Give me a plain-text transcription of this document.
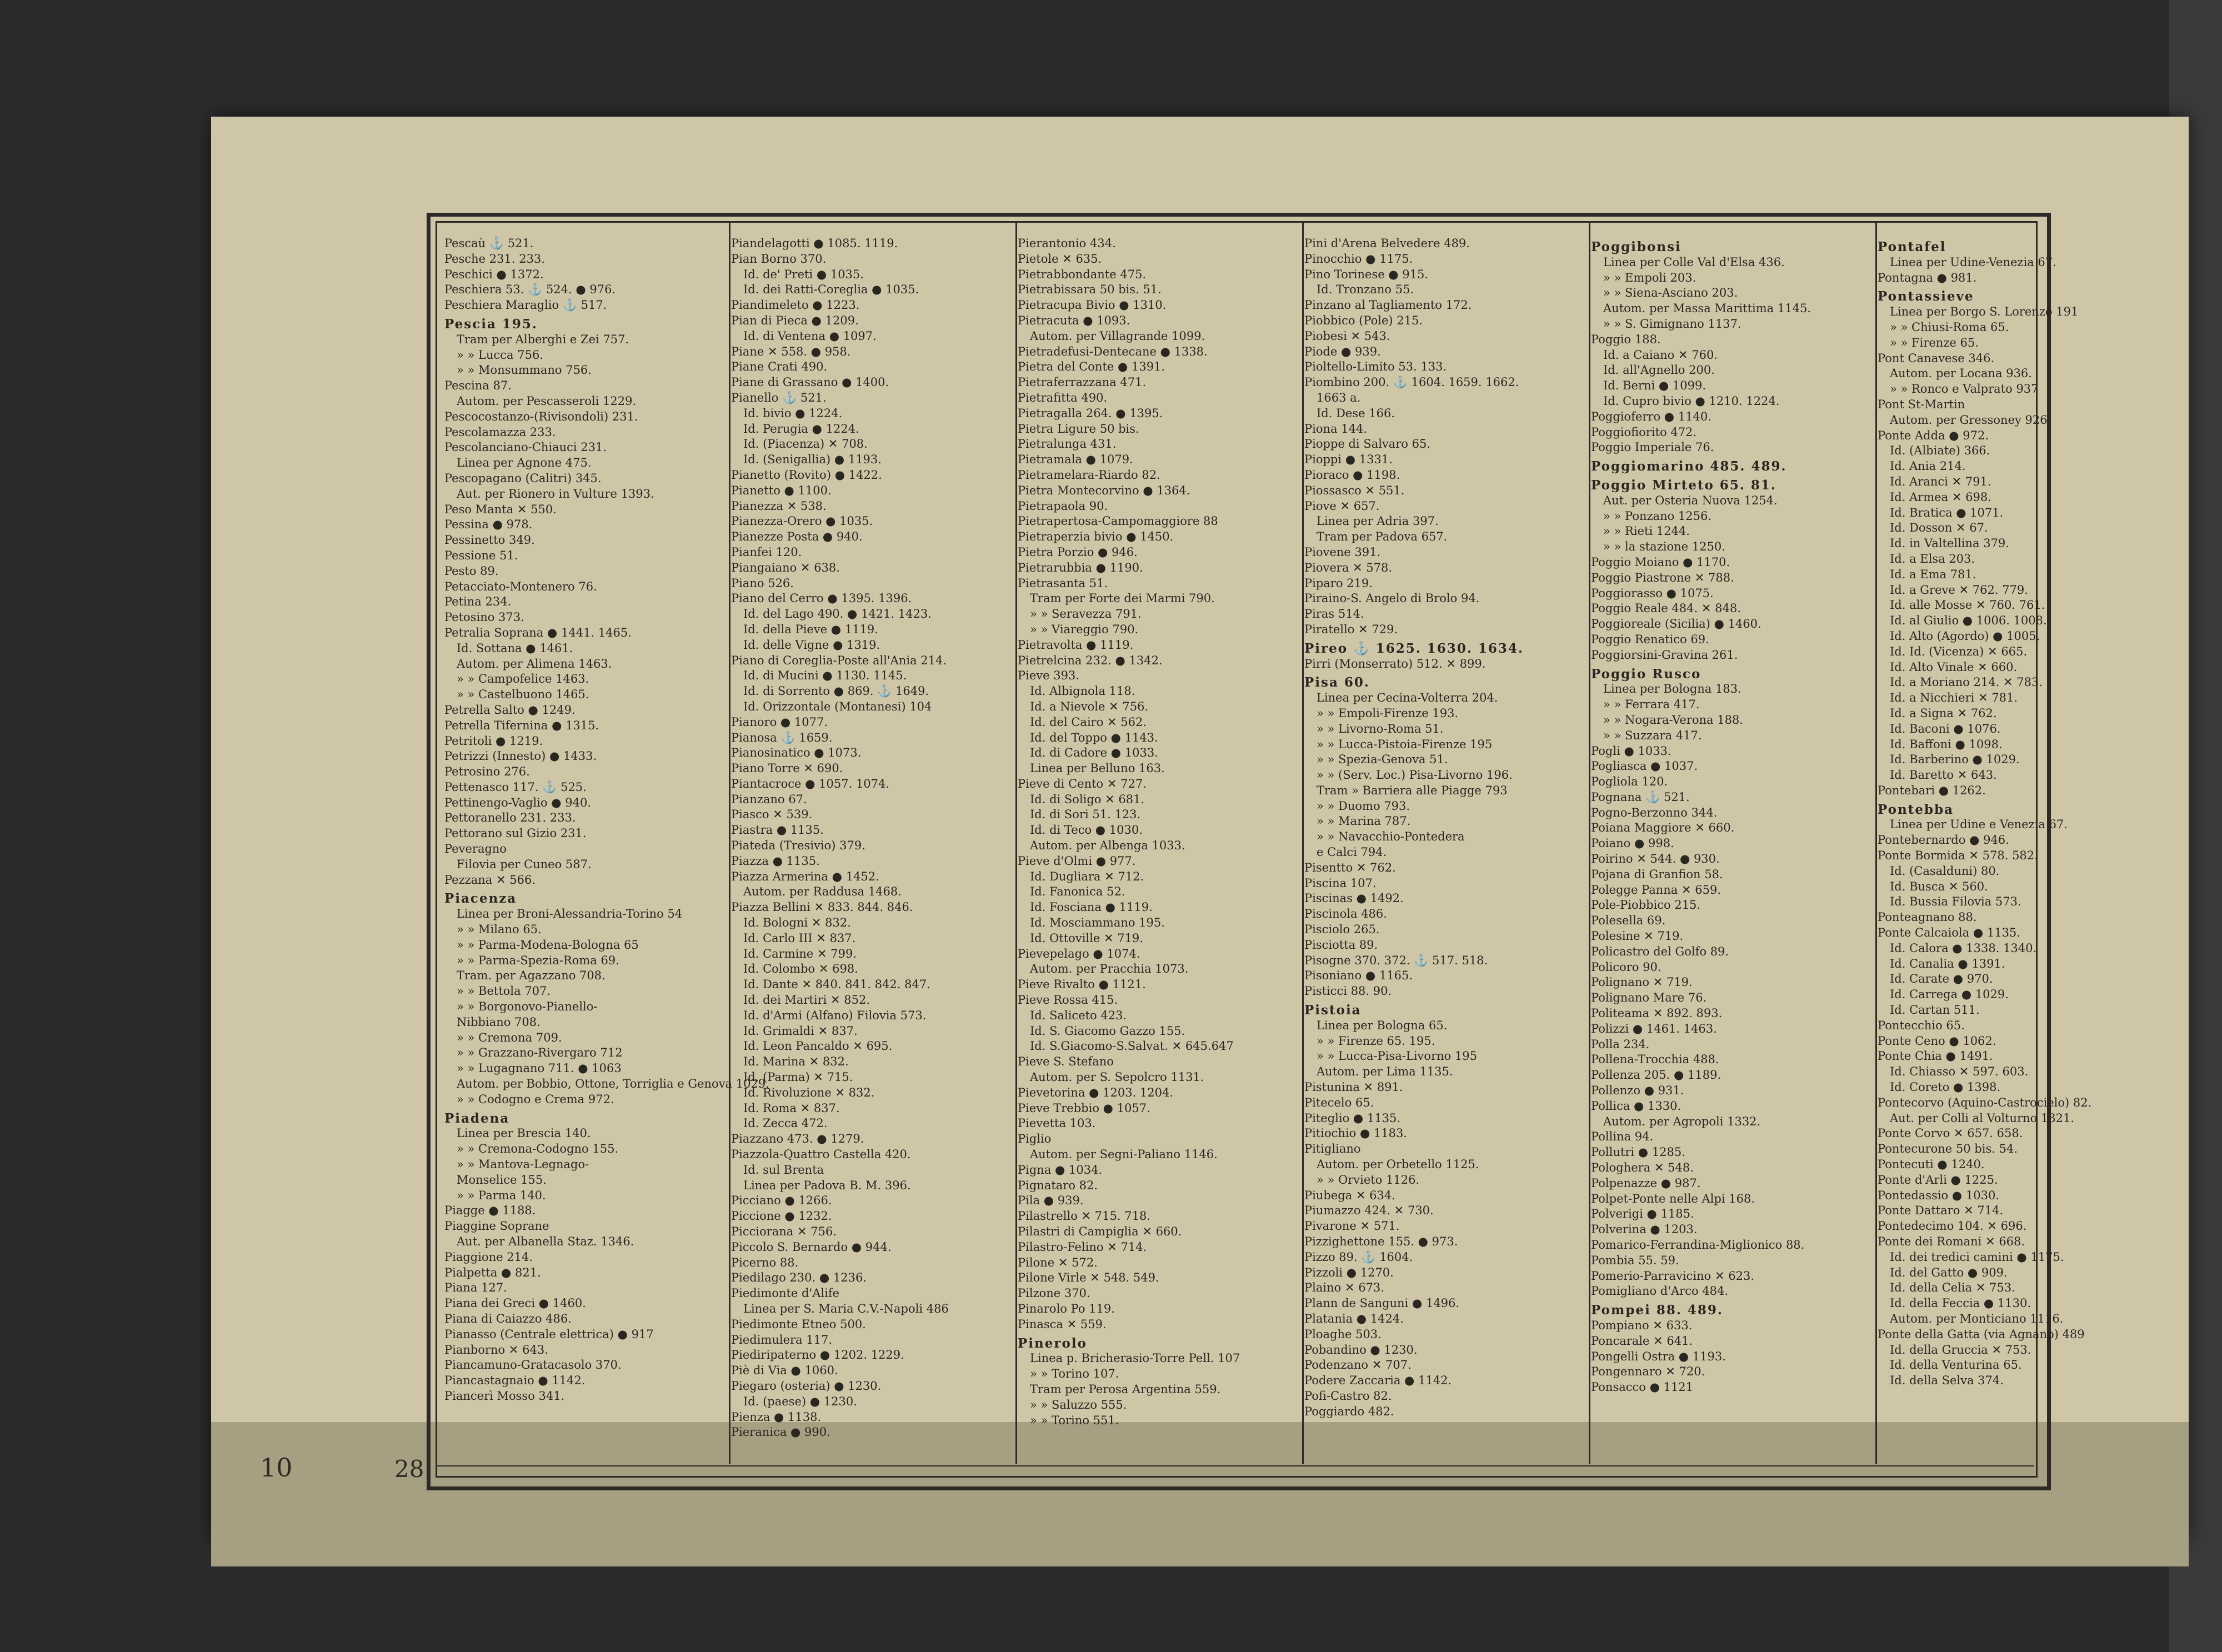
Pescaù ⚓ 521.
Pesche 231. 233.
Peschici ● 1372.
Peschiera 53. ⚓ 524. ● 976.
Peschiera Maraglio ⚓ 517.
Pescia 195.
Tram per Alberghi e Zei 757.
» » Lucca 756.
» » Monsummano 756.
Pescina 87.
Autom. per Pescasseroli 1229.
Pescocostanzo-(Rivisondoli) 231.
Pescolamazza 233.
Pescolanciano-Chiauci 231.
Linea per Agnone 475.
Pescopagano (Calitri) 345.
Aut. per Rionero in Vulture 1393.
Peso Manta ✕ 550.
Pessina ● 978.
Pessinetto 349.
Pessione 51.
Pesto 89.
Petacciato-Montenero 76.
Petina 234.
Petosino 373.
Petralia Soprana ● 1441. 1465.
Id. Sottana ● 1461.
Autom. per Alimena 1463.
» » Campofelice 1463.
» » Castelbuono 1465.
Petrella Salto ● 1249.
Petrella Tifernina ● 1315.
Petritoli ● 1219.
Petrizzi (Innesto) ● 1433.
Petrosino 276.
Pettenasco 117. ⚓ 525.
Pettinengo-Vaglio ● 940.
Pettoranello 231. 233.
Pettorano sul Gizio 231.
Peveragno
Filovia per Cuneo 587.
Pezzana ✕ 566.
Piacenza
Linea per Broni-Alessandria-Torino 54
» » Milano 65.
» » Parma-Modena-Bologna 65
» » Parma-Spezia-Roma 69.
Tram. per Agazzano 708.
» » Bettola 707.
» » Borgonovo-Pianello-
Nibbiano 708.
» » Cremona 709.
» » Grazzano-Rivergaro 712
» » Lugagnano 711. ● 1063
Autom. per Bobbio, Ottone, Torriglia e Genova 1029.
» » Codogno e Crema 972.
Piadena
Linea per Brescia 140.
» » Cremona-Codogno 155.
» » Mantova-Legnago-
Monselice 155.
» » Parma 140.
Piagge ● 1188.
Piaggine Soprane
Aut. per Albanella Staz. 1346.
Piaggione 214.
Pialpetta ● 821.
Piana 127.
Piana dei Greci ● 1460.
Piana di Caiazzo 486.
Pianasso (Centrale elettrica) ● 917
Pianborno ✕ 643.
Piancamuno-Gratacasolo 370.
Piancastagnaio ● 1142.
Piancerì Mosso 341.
Piandelagotti ● 1085. 1119.
Pian Borno 370.
Id. de' Preti ● 1035.
Id. dei Ratti-Coreglia ● 1035.
Piandimeleto ● 1223.
Pian di Pieca ● 1209.
Id. di Ventena ● 1097.
Piane ✕ 558. ● 958.
Piane Crati 490.
Piane di Grassano ● 1400.
Pianello ⚓ 521.
Id. bivio ● 1224.
Id. Perugia ● 1224.
Id. (Piacenza) ✕ 708.
Id. (Senigallia) ● 1193.
Pianetto (Rovito) ● 1422.
Pianetto ● 1100.
Pianezza ✕ 538.
Pianezza-Orero ● 1035.
Pianezze Posta ● 940.
Pianfei 120.
Piangaiano ✕ 638.
Piano 526.
Piano del Cerro ● 1395. 1396.
Id. del Lago 490. ● 1421. 1423.
Id. della Pieve ● 1119.
Id. delle Vigne ● 1319.
Piano di Coreglia-Poste all'Ania 214.
Id. di Mucini ● 1130. 1145.
Id. di Sorrento ● 869. ⚓ 1649.
Id. Orizzontale (Montanesi) 104
Pianoro ● 1077.
Pianosa ⚓ 1659.
Pianosinatico ● 1073.
Piano Torre ✕ 690.
Piantacroce ● 1057. 1074.
Pianzano 67.
Piasco ✕ 539.
Piastra ● 1135.
Piateda (Tresivio) 379.
Piazza ● 1135.
Piazza Armerina ● 1452.
Autom. per Raddusa 1468.
Piazza Bellini ✕ 833. 844. 846.
Id. Bologni ✕ 832.
Id. Carlo III ✕ 837.
Id. Carmine ✕ 799.
Id. Colombo ✕ 698.
Id. Dante ✕ 840. 841. 842. 847.
Id. dei Martiri ✕ 852.
Id. d'Armi (Alfano) Filovia 573.
Id. Grimaldi ✕ 837.
Id. Leon Pancaldo ✕ 695.
Id. Marina ✕ 832.
Id. (Parma) ✕ 715.
Id. Rivoluzione ✕ 832.
Id. Roma ✕ 837.
Id. Zecca 472.
Piazzano 473. ● 1279.
Piazzola-Quattro Castella 420.
Id. sul Brenta
Linea per Padova B. M. 396.
Picciano ● 1266.
Piccione ● 1232.
Picciorana ✕ 756.
Piccolo S. Bernardo ● 944.
Picerno 88.
Piedilago 230. ● 1236.
Piedimonte d'Alife
Linea per S. Maria C.V.-Napoli 486
Piedimonte Etneo 500.
Piedimulera 117.
Piediripaterno ● 1202. 1229.
Piè di Via ● 1060.
Piegaro (osteria) ● 1230.
Id. (paese) ● 1230.
Pienza ● 1138.
Pieranica ● 990.
Pierantonio 434.
Pietole ✕ 635.
Pietrabbondante 475.
Pietrabissara 50 bis. 51.
Pietracupa Bivio ● 1310.
Pietracuta ● 1093.
Autom. per Villagrande 1099.
Pietradefusi-Dentecane ● 1338.
Pietra del Conte ● 1391.
Pietraferrazzana 471.
Pietrafitta 490.
Pietragalla 264. ● 1395.
Pietra Ligure 50 bis.
Pietralunga 431.
Pietramala ● 1079.
Pietramelara-Riardo 82.
Pietra Montecorvino ● 1364.
Pietrapaola 90.
Pietrapertosa-Campomaggiore 88
Pietraperzia bivio ● 1450.
Pietra Porzio ● 946.
Pietrarubbia ● 1190.
Pietrasanta 51.
Tram per Forte dei Marmi 790.
» » Seravezza 791.
» » Viareggio 790.
Pietravolta ● 1119.
Pietrelcina 232. ● 1342.
Pieve 393.
Id. Albignola 118.
Id. a Nievole ✕ 756.
Id. del Cairo ✕ 562.
Id. del Toppo ● 1143.
Id. di Cadore ● 1033.
Linea per Belluno 163.
Pieve di Cento ✕ 727.
Id. di Soligo ✕ 681.
Id. di Sori 51. 123.
Id. di Teco ● 1030.
Autom. per Albenga 1033.
Pieve d'Olmi ● 977.
Id. Dugliara ✕ 712.
Id. Fanonica 52.
Id. Fosciana ● 1119.
Id. Mosciammano 195.
Id. Ottoville ✕ 719.
Pievepelago ● 1074.
Autom. per Pracchia 1073.
Pieve Rivalto ● 1121.
Pieve Rossa 415.
Id. Saliceto 423.
Id. S. Giacomo Gazzo 155.
Id. S.Giacomo-S.Salvat. ✕ 645.647
Pieve S. Stefano
Autom. per S. Sepolcro 1131.
Pievetorina ● 1203. 1204.
Pieve Trebbio ● 1057.
Pievetta 103.
Piglio
Autom. per Segni-Paliano 1146.
Pigna ● 1034.
Pignataro 82.
Pila ● 939.
Pilastrello ✕ 715. 718.
Pilastri di Campiglia ✕ 660.
Pilastro-Felino ✕ 714.
Pilone ✕ 572.
Pilone Virle ✕ 548. 549.
Pilzone 370.
Pinarolo Po 119.
Pinasca ✕ 559.
Pinerolo
Linea p. Bricherasio-Torre Pell. 107
» » Torino 107.
Tram per Perosa Argentina 559.
» » Saluzzo 555.
» » Torino 551.
Pini d'Arena Belvedere 489.
Pinocchio ● 1175.
Pino Torinese ● 915.
Id. Tronzano 55.
Pinzano al Tagliamento 172.
Piobbico (Pole) 215.
Piobesi ✕ 543.
Piode ● 939.
Pioltello-Limito 53. 133.
Piombino 200. ⚓ 1604. 1659. 1662.
1663 a.
Id. Dese 166.
Piona 144.
Pioppe di Salvaro 65.
Pioppi ● 1331.
Pioraco ● 1198.
Piossasco ✕ 551.
Piove ✕ 657.
Linea per Adria 397.
Tram per Padova 657.
Piovene 391.
Piovera ✕ 578.
Piparo 219.
Piraino-S. Angelo di Brolo 94.
Piras 514.
Piratello ✕ 729.
Pireo ⚓ 1625. 1630. 1634.
Pirri (Monserrato) 512. ✕ 899.
Pisa 60.
Linea per Cecina-Volterra 204.
» » Empoli-Firenze 193.
» » Livorno-Roma 51.
» » Lucca-Pistoia-Firenze 195
» » Spezia-Genova 51.
» » (Serv. Loc.) Pisa-Livorno 196.
Tram » Barriera alle Piagge 793
» » Duomo 793.
» » Marina 787.
» » Navacchio-Pontedera
e Calci 794.
Pisentto ✕ 762.
Piscina 107.
Piscinas ● 1492.
Piscinola 486.
Pisciolo 265.
Pisciotta 89.
Pisogne 370. 372. ⚓ 517. 518.
Pisoniano ● 1165.
Pisticci 88. 90.
Pistoia
Linea per Bologna 65.
» » Firenze 65. 195.
» » Lucca-Pisa-Livorno 195
Autom. per Lima 1135.
Pistunina ✕ 891.
Pitecelo 65.
Piteglio ● 1135.
Pitiochio ● 1183.
Pitigliano
Autom. per Orbetello 1125.
» » Orvieto 1126.
Piubega ✕ 634.
Piumazzo 424. ✕ 730.
Pivarone ✕ 571.
Pizzighettone 155. ● 973.
Pizzo 89. ⚓ 1604.
Pizzoli ● 1270.
Plaino ✕ 673.
Plann de Sanguni ● 1496.
Platania ● 1424.
Ploaghe 503.
Pobandino ● 1230.
Podenzano ✕ 707.
Podere Zaccaria ● 1142.
Pofi-Castro 82.
Poggiardo 482.
Poggibonsi
Linea per Colle Val d'Elsa 436.
» » Empoli 203.
» » Siena-Asciano 203.
Autom. per Massa Marittima 1145.
» » S. Gimignano 1137.
Poggio 188.
Id. a Caiano ✕ 760.
Id. all'Agnello 200.
Id. Berni ● 1099.
Id. Cupro bivio ● 1210. 1224.
Poggioferro ● 1140.
Poggiofiorito 472.
Poggio Imperiale 76.
Poggiomarino 485. 489.
Poggio Mirteto 65. 81.
Aut. per Osteria Nuova 1254.
» » Ponzano 1256.
» » Rieti 1244.
» » la stazione 1250.
Poggio Moiano ● 1170.
Poggio Piastrone ✕ 788.
Poggiorasso ● 1075.
Poggio Reale 484. ✕ 848.
Poggioreale (Sicilia) ● 1460.
Poggio Renatico 69.
Poggiorsini-Gravina 261.
Poggio Rusco
Linea per Bologna 183.
» » Ferrara 417.
» » Nogara-Verona 188.
» » Suzzara 417.
Pogli ● 1033.
Pogliasca ● 1037.
Pogliola 120.
Pognana ⚓ 521.
Pogno-Berzonno 344.
Poiana Maggiore ✕ 660.
Poiano ● 998.
Poirino ✕ 544. ● 930.
Pojana di Granfion 58.
Polegge Panna ✕ 659.
Pole-Piobbico 215.
Polesella 69.
Polesine ✕ 719.
Policastro del Golfo 89.
Policoro 90.
Polignano ✕ 719.
Polignano Mare 76.
Politeama ✕ 892. 893.
Polizzi ● 1461. 1463.
Polla 234.
Pollena-Trocchia 488.
Pollenza 205. ● 1189.
Pollenzo ● 931.
Pollica ● 1330.
Autom. per Agropoli 1332.
Pollina 94.
Pollutri ● 1285.
Pologhera ✕ 548.
Polpenazze ● 987.
Polpet-Ponte nelle Alpi 168.
Polverigi ● 1185.
Polverina ● 1203.
Pomarico-Ferrandina-Miglionico 88.
Pombia 55. 59.
Pomerio-Parravicino ✕ 623.
Pomigliano d'Arco 484.
Pompei 88. 489.
Pompiano ✕ 633.
Poncarale ✕ 641.
Pongelli Ostra ● 1193.
Pongennaro ✕ 720.
Ponsacco ● 1121
Pontafel
Linea per Udine-Venezia 67.
Pontagna ● 981.
Pontassieve
Linea per Borgo S. Lorenzo 191
» » Chiusi-Roma 65.
» » Firenze 65.
Pont Canavese 346.
Autom. per Locana 936.
» » Ronco e Valprato 937
Pont St-Martin
Autom. per Gressoney 926.
Ponte Adda ● 972.
Id. (Albiate) 366.
Id. Ania 214.
Id. Aranci ✕ 791.
Id. Armea ✕ 698.
Id. Bratica ● 1071.
Id. Dosson ✕ 67.
Id. in Valtellina 379.
Id. a Elsa 203.
Id. a Ema 781.
Id. a Greve ✕ 762. 779.
Id. alle Mosse ✕ 760. 761.
Id. al Giulio ● 1006. 1008.
Id. Alto (Agordo) ● 1005.
Id. Id. (Vicenza) ✕ 665.
Id. Alto Vinale ✕ 660.
Id. a Moriano 214. ✕ 783.
Id. a Nicchieri ✕ 781.
Id. a Signa ✕ 762.
Id. Baconi ● 1076.
Id. Baffoni ● 1098.
Id. Barberino ● 1029.
Id. Baretto ✕ 643.
Pontebari ● 1262.
Pontebba
Linea per Udine e Venezia 67.
Pontebernardo ● 946.
Ponte Bormida ✕ 578. 582.
Id. (Casalduni) 80.
Id. Busca ✕ 560.
Id. Bussia Filovia 573.
Ponteagnano 88.
Ponte Calcaiola ● 1135.
Id. Calora ● 1338. 1340.
Id. Canalia ● 1391.
Id. Carate ● 970.
Id. Carrega ● 1029.
Id. Cartan 511.
Pontecchio 65.
Ponte Ceno ● 1062.
Ponte Chia ● 1491.
Id. Chiasso ✕ 597. 603.
Id. Coreto ● 1398.
Pontecorvo (Aquino-Castrocielo) 82.
Aut. per Colli al Volturno 1321.
Ponte Corvo ✕ 657. 658.
Pontecurone 50 bis. 54.
Pontecuti ● 1240.
Ponte d'Arli ● 1225.
Pontedassio ● 1030.
Ponte Dattaro ✕ 714.
Pontedecimo 104. ✕ 696.
Ponte dei Romani ✕ 668.
Id. dei tredici camini ● 1175.
Id. del Gatto ● 909.
Id. della Celia ✕ 753.
Id. della Feccia ● 1130.
Autom. per Monticiano 1116.
Ponte della Gatta (via Agnano) 489
Id. della Gruccia ✕ 753.
Id. della Venturina 65.
Id. della Selva 374.
10	28
